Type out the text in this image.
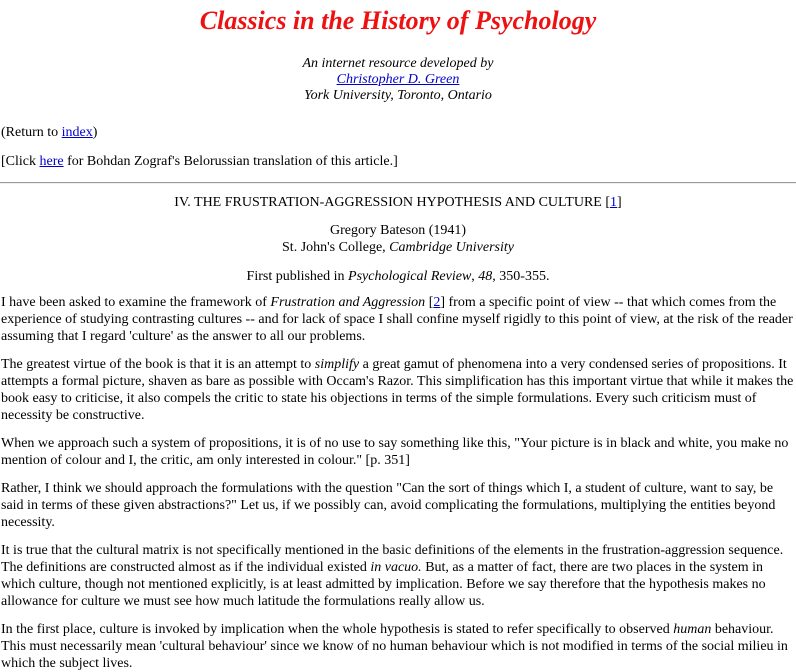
Classics in the History of Psychology
An internet resource developed by
Christopher D. Green
York University, Toronto, Ontario

(Return to index)

[Click here for Bohdan Zograf's Belorussian translation of this article.]

IV. THE FRUSTRATION-AGGRESSION HYPOTHESIS AND CULTURE [1]
Gregory Bateson (1941)
St. John's College, Cambridge University
First published in Psychological Review, 48, 350-355.

I have been asked to examine the framework of Frustration and Aggression [2] from a specific point of view -- that which comes from the experience of studying contrasting cultures -- and for lack of space I shall confine myself rigidly to this point of view, at the risk of the reader assuming that I regard 'culture' as the answer to all our problems.

The greatest virtue of the book is that it is an attempt to simplify a great gamut of phenomena into a very condensed series of propositions. It attempts a formal picture, shaven as bare as possible with Occam's Razor. This simplification has this important virtue that while it makes the book easy to criticise, it also compels the critic to state his objections in terms of the simple formulations. Every such criticism must of necessity be constructive.

When we approach such a system of propositions, it is of no use to say something like this, "Your picture is in black and white, you make no mention of colour and I, the critic, am only interested in colour." [p. 351]

Rather, I think we should approach the formulations with the question "Can the sort of things which I, a student of culture, want to say, be said in terms of these given abstractions?" Let us, if we possibly can, avoid complicating the formulations, multiplying the entities beyond necessity.

It is true that the cultural matrix is not specifically mentioned in the basic definitions of the elements in the frustration-aggression sequence. The definitions are constructed almost as if the individual existed in vacuo. But, as a matter of fact, there are two places in the system in which culture, though not mentioned explicitly, is at least admitted by implication. Before we say therefore that the hypothesis makes no allowance for culture we must see how much latitude the formulations really allow us.

In the first place, culture is invoked by implication when the whole hypothesis is stated to refer specifically to observed human behaviour. This must necessarily mean 'cultural behaviour' since we know of no human behaviour which is not modified in terms of the social milieu in which the subject lives.
